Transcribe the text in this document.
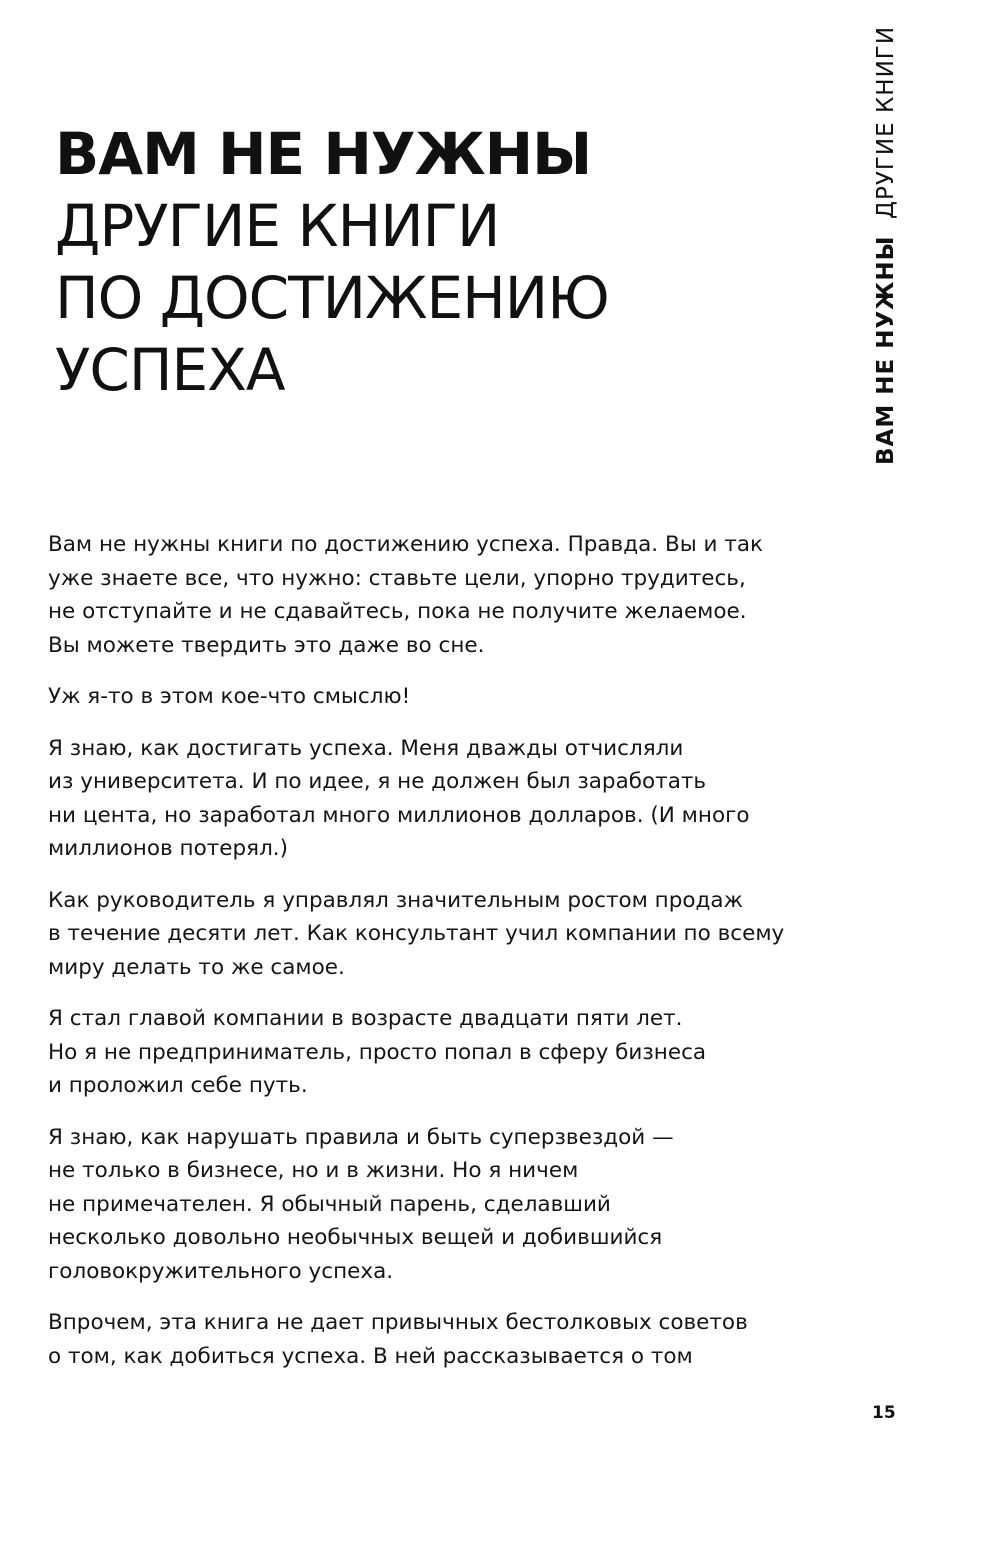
ВАМ НЕ НУЖНЫ
ДРУГИЕ КНИГИ
ПО ДОСТИЖЕНИЮ
УСПЕХА	ВАМ НЕ НУЖНЫ  ДРУГИЕ КНИГИ

Вам не нужны книги по достижению успеха. Правда. Вы и так
уже знаете все, что нужно: ставьте цели, упорно трудитесь,
не отступайте и не сдавайтесь, пока не получите желаемое.
Вы можете твердить это даже во сне.

Уж я-то в этом кое-что смыслю!

Я знаю, как достигать успеха. Меня дважды отчисляли
из университета. И по идее, я не должен был заработать
ни цента, но заработал много миллионов долларов. (И много
миллионов потерял.)

Как руководитель я управлял значительным ростом продаж
в течение десяти лет. Как консультант учил компании по всему
миру делать то же самое.

Я стал главой компании в возрасте двадцати пяти лет.
Но я не предприниматель, просто попал в сферу бизнеса
и проложил себе путь.

Я знаю, как нарушать правила и быть суперзвездой —
не только в бизнесе, но и в жизни. Но я ничем
не примечателен. Я обычный парень, сделавший
несколько довольно необычных вещей и добившийся
головокружительного успеха.

Впрочем, эта книга не дает привычных бестолковых советов
о том, как добиться успеха. В ней рассказывается о том

15
